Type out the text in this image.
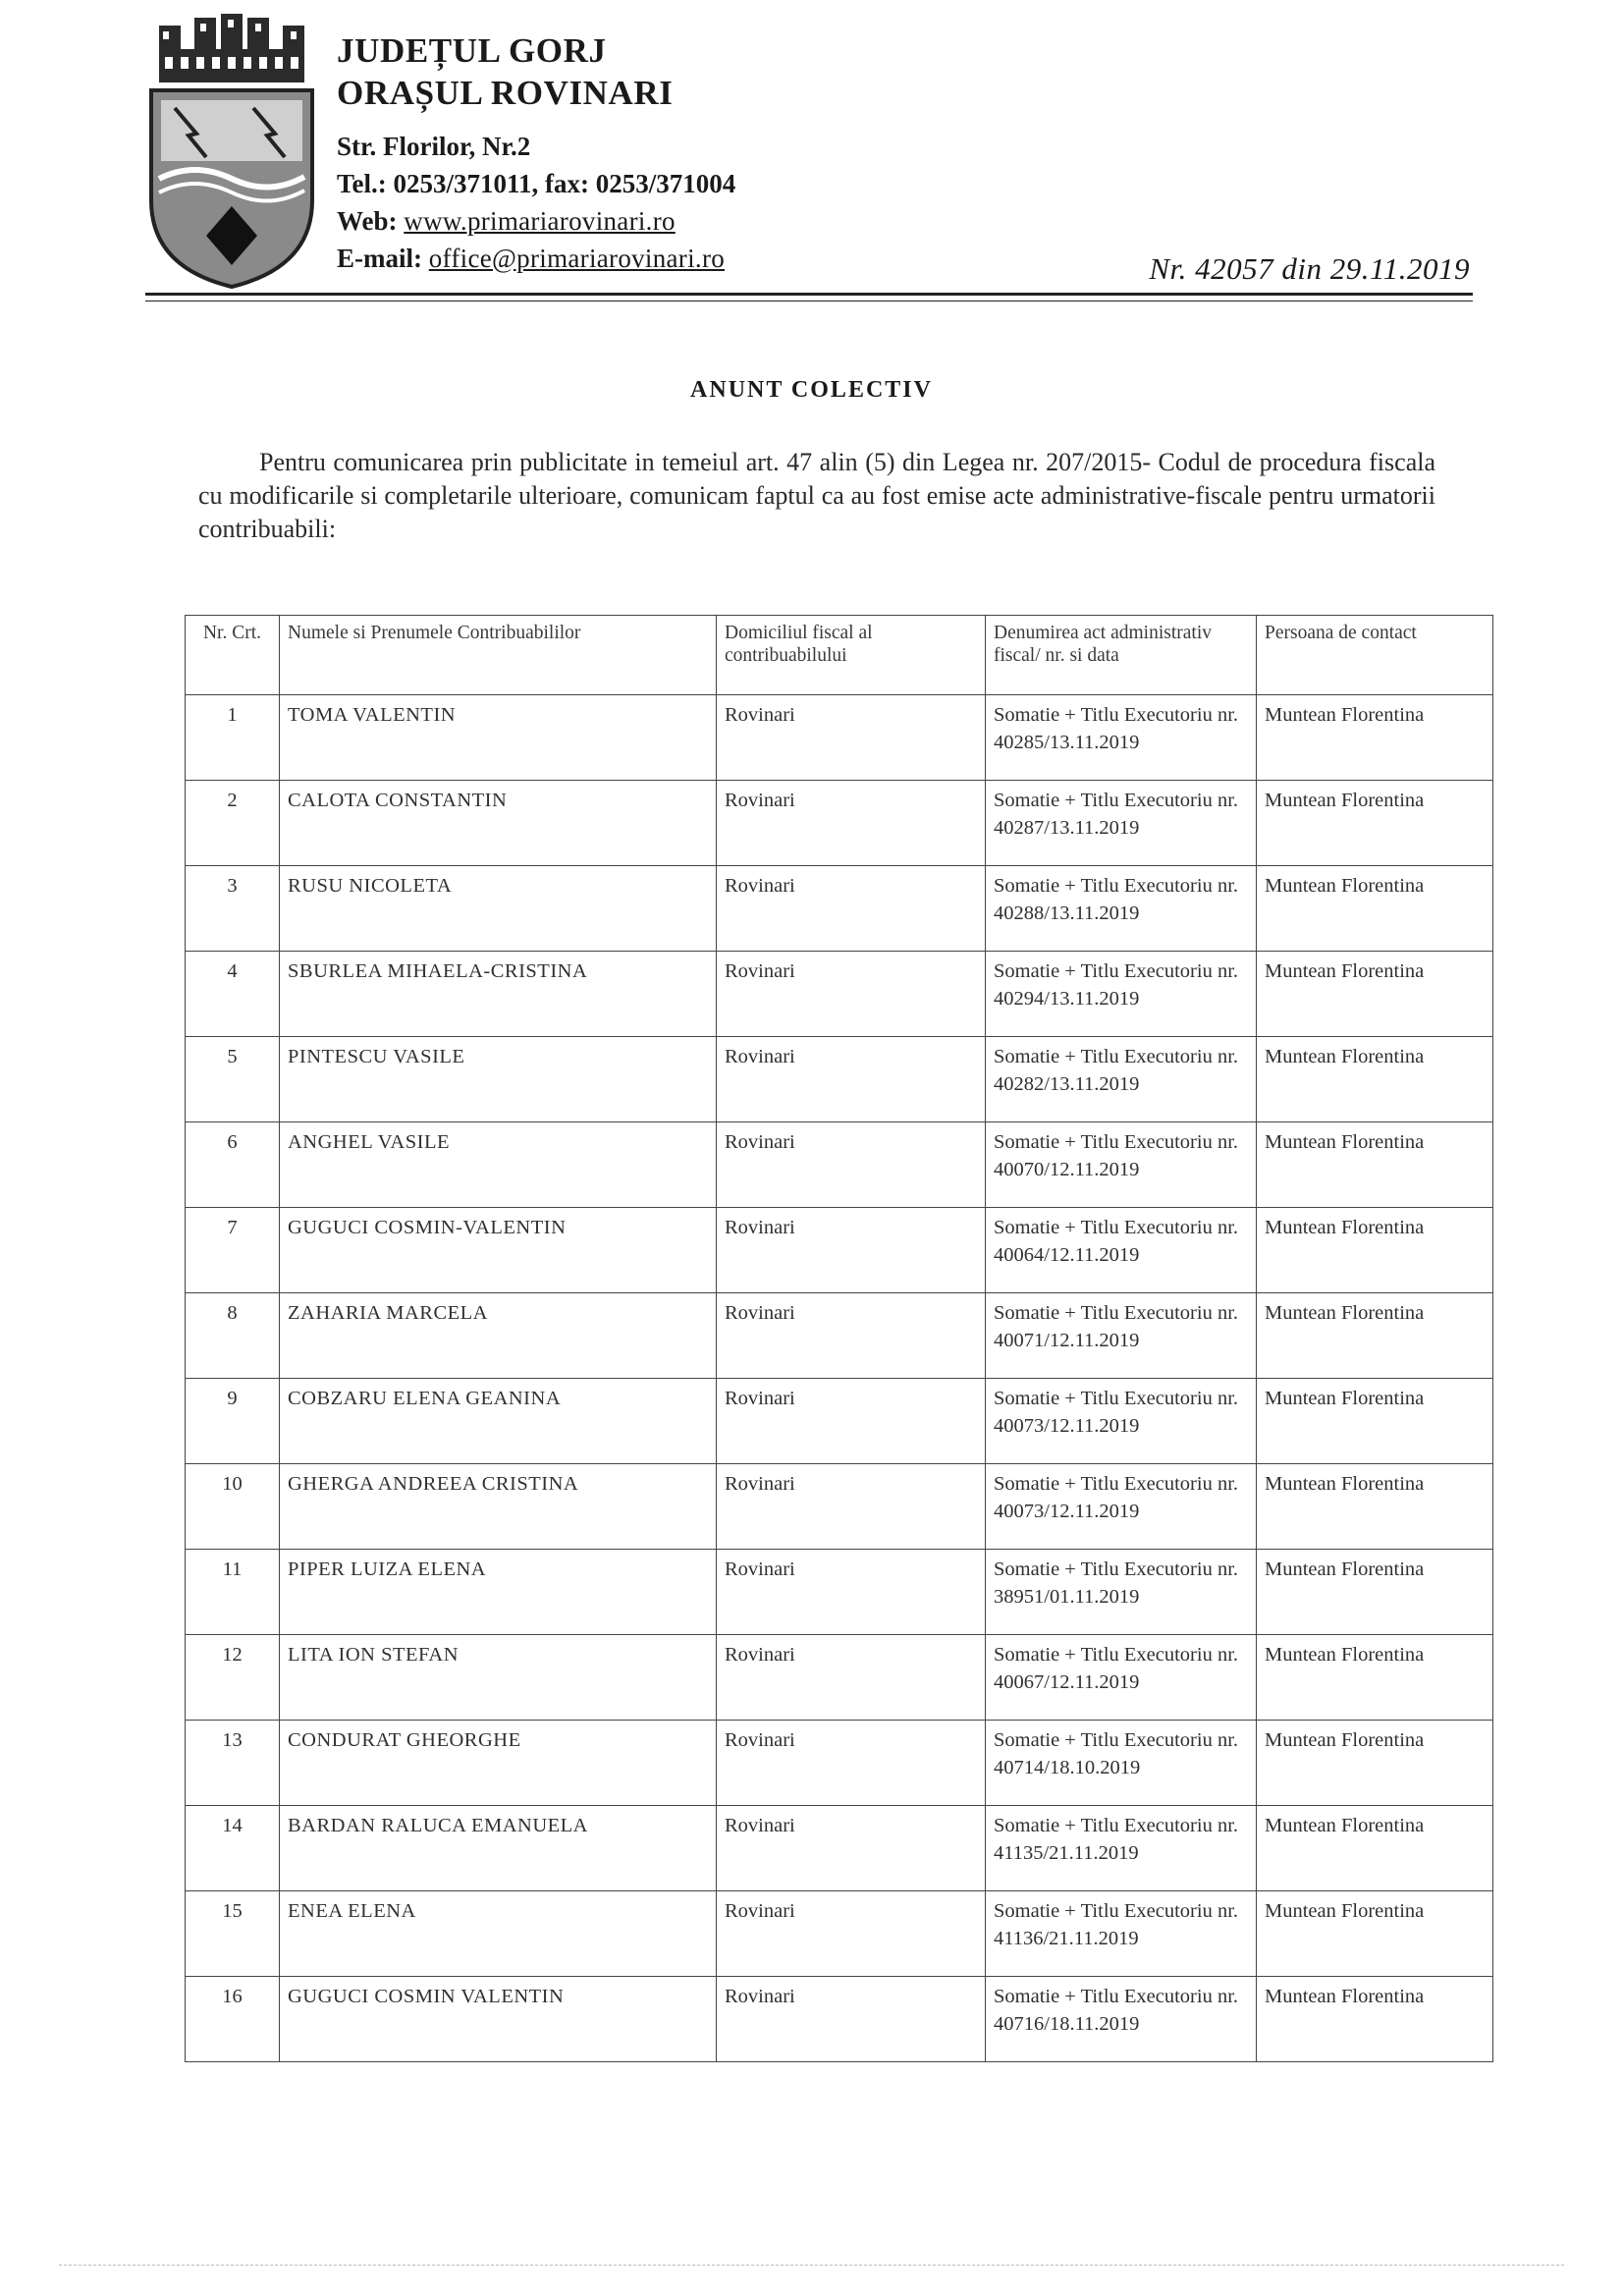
JUDEȚUL GORJ
ORAȘUL ROVINARI
Str. Florilor, Nr.2
Tel.: 0253/371011, fax: 0253/371004
Web: www.primariarovinari.ro
E-mail: office@primariarovinari.ro	Nr. 42057 din 29.11.2019
ANUNT COLECTIV
Pentru comunicarea prin publicitate in temeiul art. 47 alin (5) din Legea nr. 207/2015- Codul de procedura fiscala cu modificarile si completarile ulterioare, comunicam faptul ca au fost emise acte administrative-fiscale pentru urmatorii contribuabili:
Nr. Crt.	Numele si Prenumele Contribuabililor	Domiciliul fiscal al contribuabilului	Denumirea act administrativ fiscal/ nr. si data	Persoana de contact
1	TOMA VALENTIN	Rovinari	Somatie + Titlu Executoriu nr.
40285/13.11.2019	Muntean Florentina
2	CALOTA CONSTANTIN	Rovinari	Somatie + Titlu Executoriu nr.
40287/13.11.2019	Muntean Florentina
3	RUSU NICOLETA	Rovinari	Somatie + Titlu Executoriu nr.
40288/13.11.2019	Muntean Florentina
4	SBURLEA MIHAELA-CRISTINA	Rovinari	Somatie + Titlu Executoriu nr.
40294/13.11.2019	Muntean Florentina
5	PINTESCU VASILE	Rovinari	Somatie + Titlu Executoriu nr.
40282/13.11.2019	Muntean Florentina
6	ANGHEL VASILE	Rovinari	Somatie + Titlu Executoriu nr.
40070/12.11.2019	Muntean Florentina
7	GUGUCI COSMIN-VALENTIN	Rovinari	Somatie + Titlu Executoriu nr.
40064/12.11.2019	Muntean Florentina
8	ZAHARIA MARCELA	Rovinari	Somatie + Titlu Executoriu nr.
40071/12.11.2019	Muntean Florentina
9	COBZARU ELENA GEANINA	Rovinari	Somatie + Titlu Executoriu nr.
40073/12.11.2019	Muntean Florentina
10	GHERGA ANDREEA CRISTINA	Rovinari	Somatie + Titlu Executoriu nr.
40073/12.11.2019	Muntean Florentina
11	PIPER LUIZA ELENA	Rovinari	Somatie + Titlu Executoriu nr.
38951/01.11.2019	Muntean Florentina
12	LITA ION STEFAN	Rovinari	Somatie + Titlu Executoriu nr.
40067/12.11.2019	Muntean Florentina
13	CONDURAT GHEORGHE	Rovinari	Somatie + Titlu Executoriu nr.
40714/18.10.2019	Muntean Florentina
14	BARDAN RALUCA EMANUELA	Rovinari	Somatie + Titlu Executoriu nr.
41135/21.11.2019	Muntean Florentina
15	ENEA ELENA	Rovinari	Somatie + Titlu Executoriu nr.
41136/21.11.2019	Muntean Florentina
16	GUGUCI COSMIN VALENTIN	Rovinari	Somatie + Titlu Executoriu nr.
40716/18.11.2019	Muntean Florentina
